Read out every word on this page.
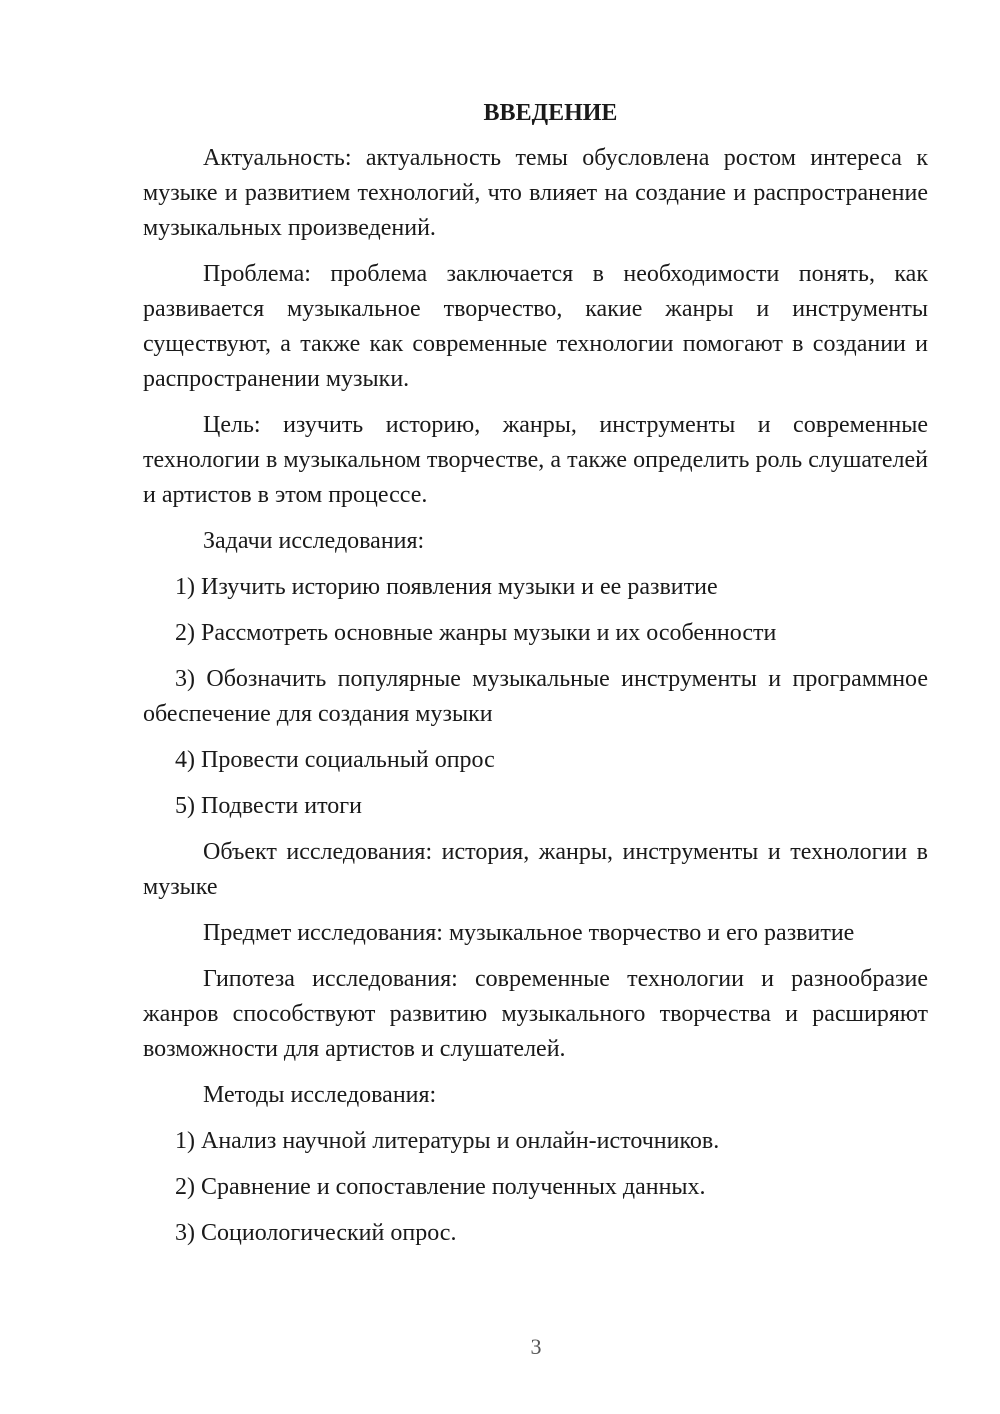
ВВЕДЕНИЕ
Актуальность: актуальность темы обусловлена ростом интереса к музыке и развитием технологий, что влияет на создание и распространение музыкальных произведений.
Проблема: проблема заключается в необходимости понять, как развивается музыкальное творчество, какие жанры и инструменты существуют, а также как современные технологии помогают в создании и распространении музыки.
Цель: изучить историю, жанры, инструменты и современные технологии в музыкальном творчестве, а также определить роль слушателей и артистов в этом процессе.
Задачи исследования:
1) Изучить историю появления музыки и ее развитие
2) Рассмотреть основные жанры музыки и их особенности
3) Обозначить популярные музыкальные инструменты и программное обеспечение для создания музыки
4) Провести социальный опрос
5) Подвести итоги
Объект исследования: история, жанры, инструменты и технологии в музыке
Предмет исследования: музыкальное творчество и его развитие
Гипотеза исследования: современные технологии и разнообразие жанров способствуют развитию музыкального творчества и расширяют возможности для артистов и слушателей.
Методы исследования:
1) Анализ научной литературы и онлайн-источников.
2) Сравнение и сопоставление полученных данных.
3) Социологический опрос.
3
